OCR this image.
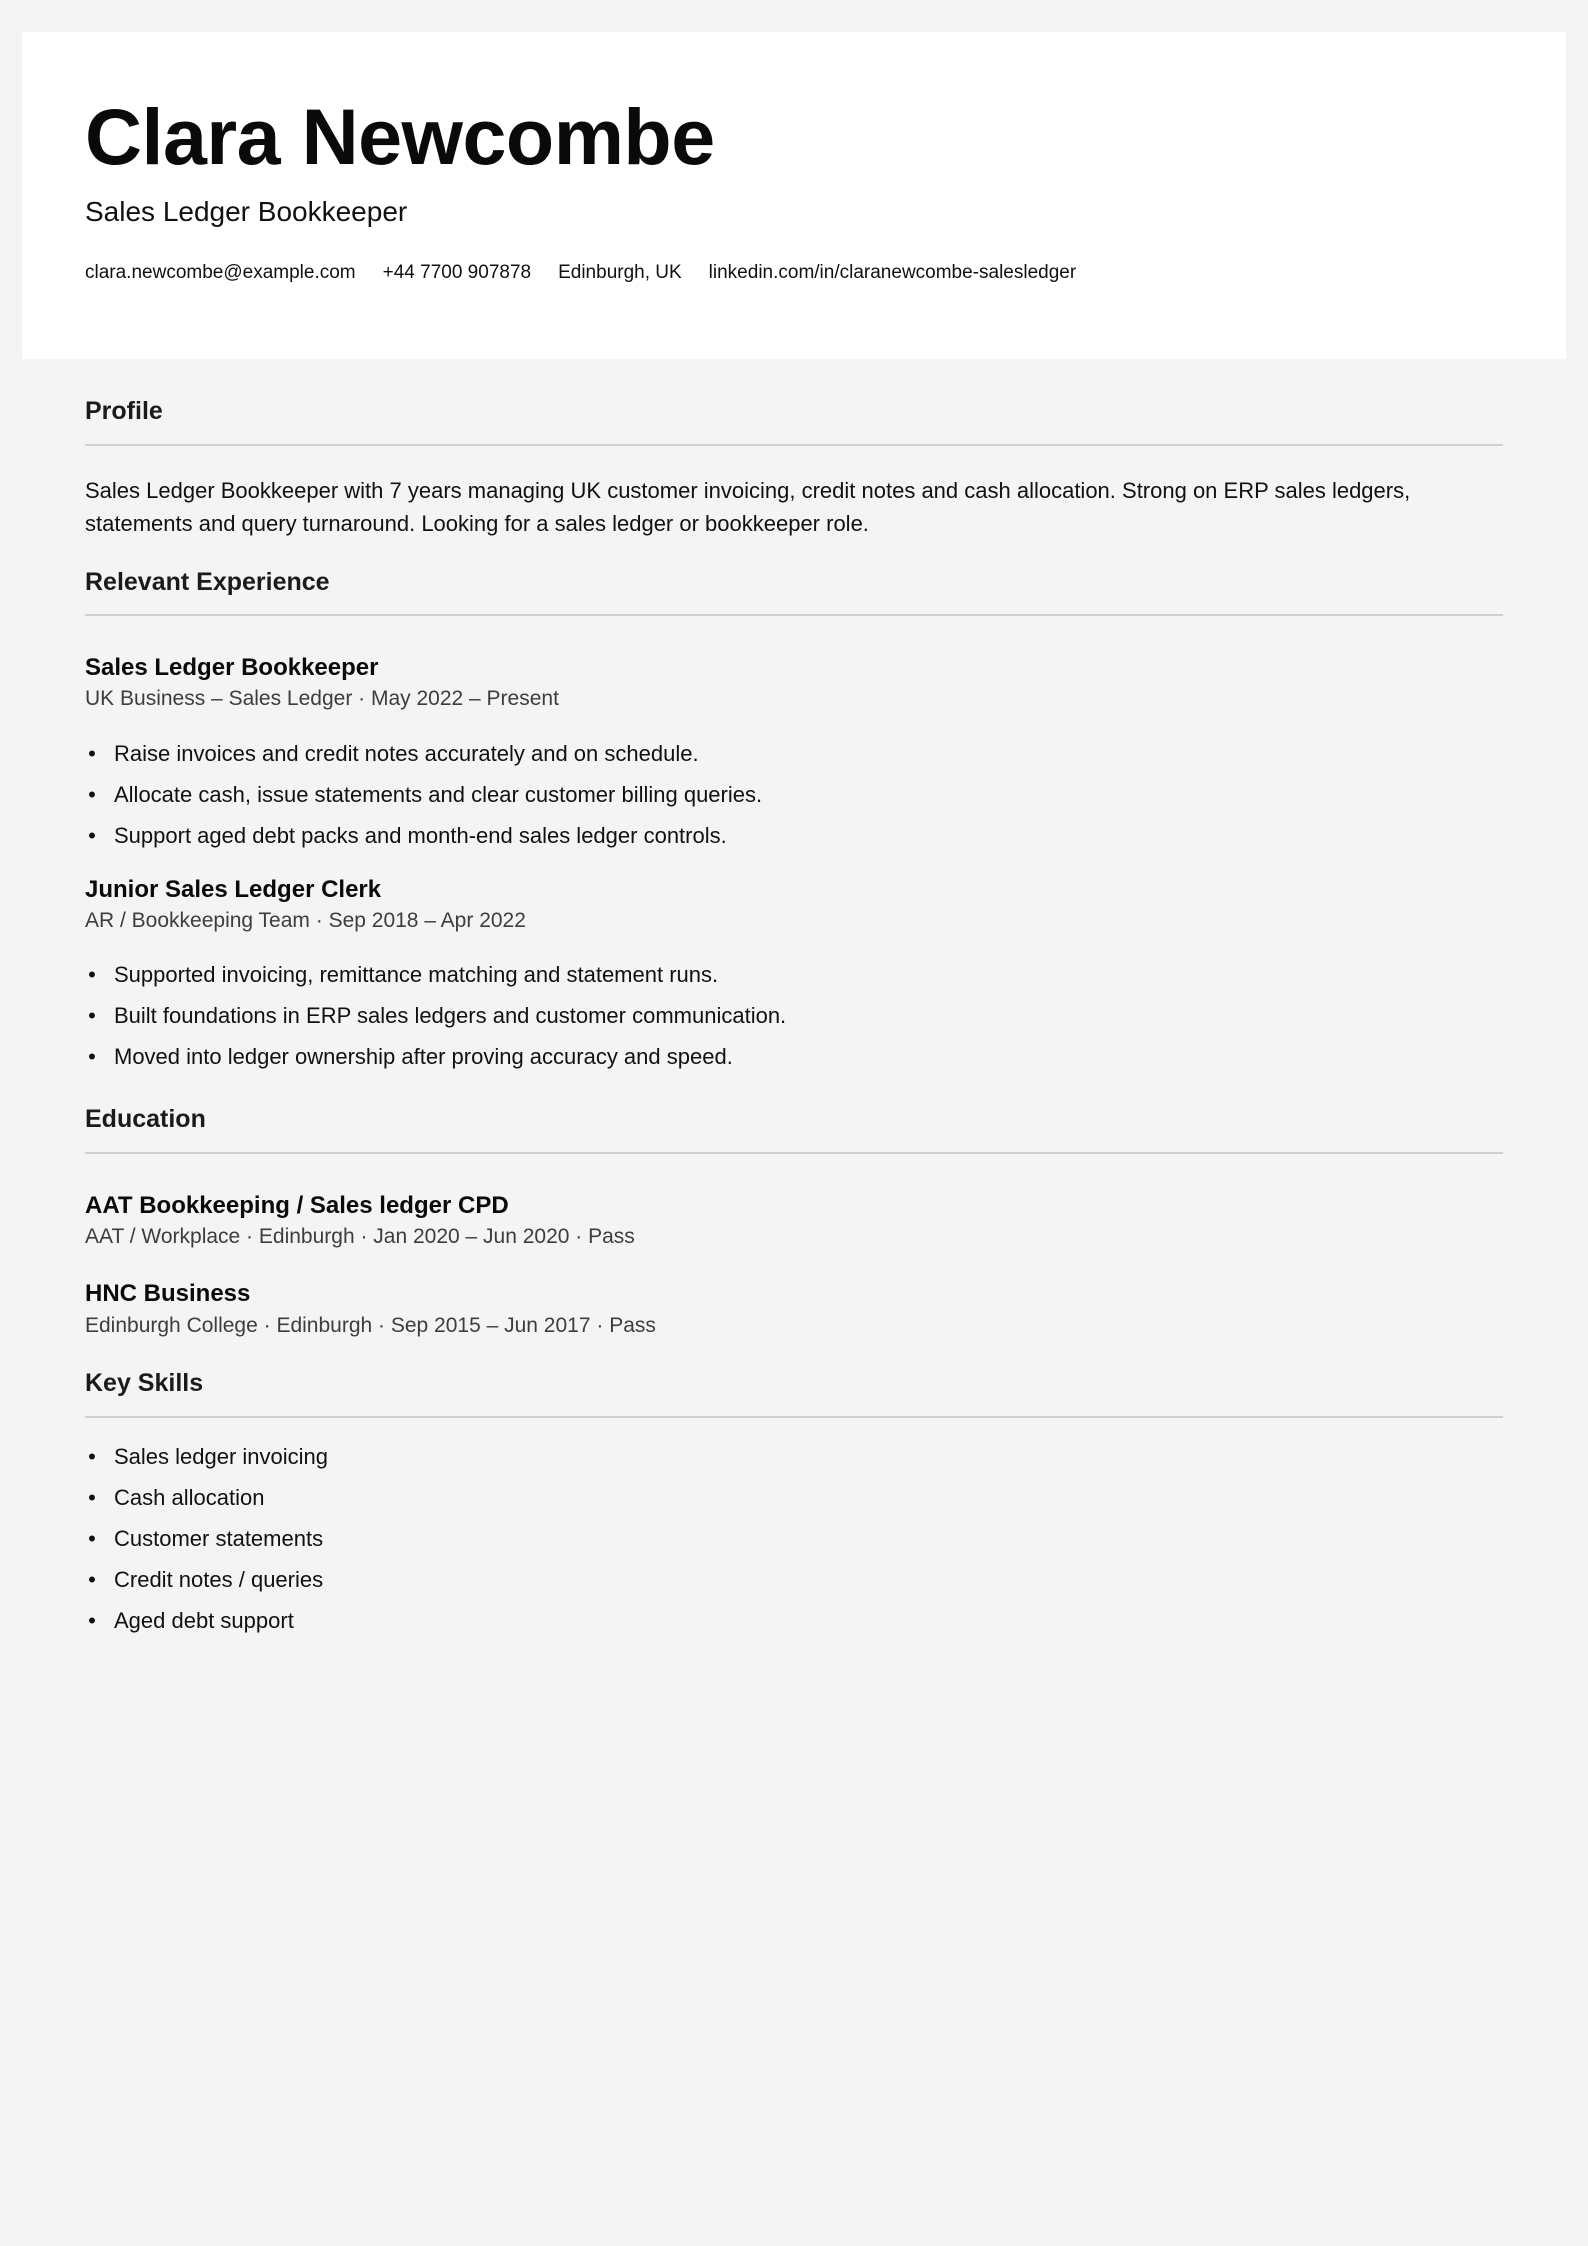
Clara Newcombe
Sales Ledger Bookkeeper
clara.newcombe@example.com +44 7700 907878 Edinburgh, UK linkedin.com/in/claranewcombe-salesledger
Profile

Sales Ledger Bookkeeper with 7 years managing UK customer invoicing, credit notes and cash allocation. Strong on ERP sales ledgers, statements and query turnaround. Looking for a sales ledger or bookkeeper role.

Relevant Experience
Sales Ledger Bookkeeper
UK Business – Sales Ledger · May 2022 – Present
• Raise invoices and credit notes accurately and on schedule.
• Allocate cash, issue statements and clear customer billing queries.
• Support aged debt packs and month-end sales ledger controls.
Junior Sales Ledger Clerk
AR / Bookkeeping Team · Sep 2018 – Apr 2022
• Supported invoicing, remittance matching and statement runs.
• Built foundations in ERP sales ledgers and customer communication.
• Moved into ledger ownership after proving accuracy and speed.
Education
AAT Bookkeeping / Sales ledger CPD
AAT / Workplace · Edinburgh · Jan 2020 – Jun 2020 · Pass
HNC Business
Edinburgh College · Edinburgh · Sep 2015 – Jun 2017 · Pass
Key Skills
• Sales ledger invoicing
• Cash allocation
• Customer statements
• Credit notes / queries
• Aged debt support
